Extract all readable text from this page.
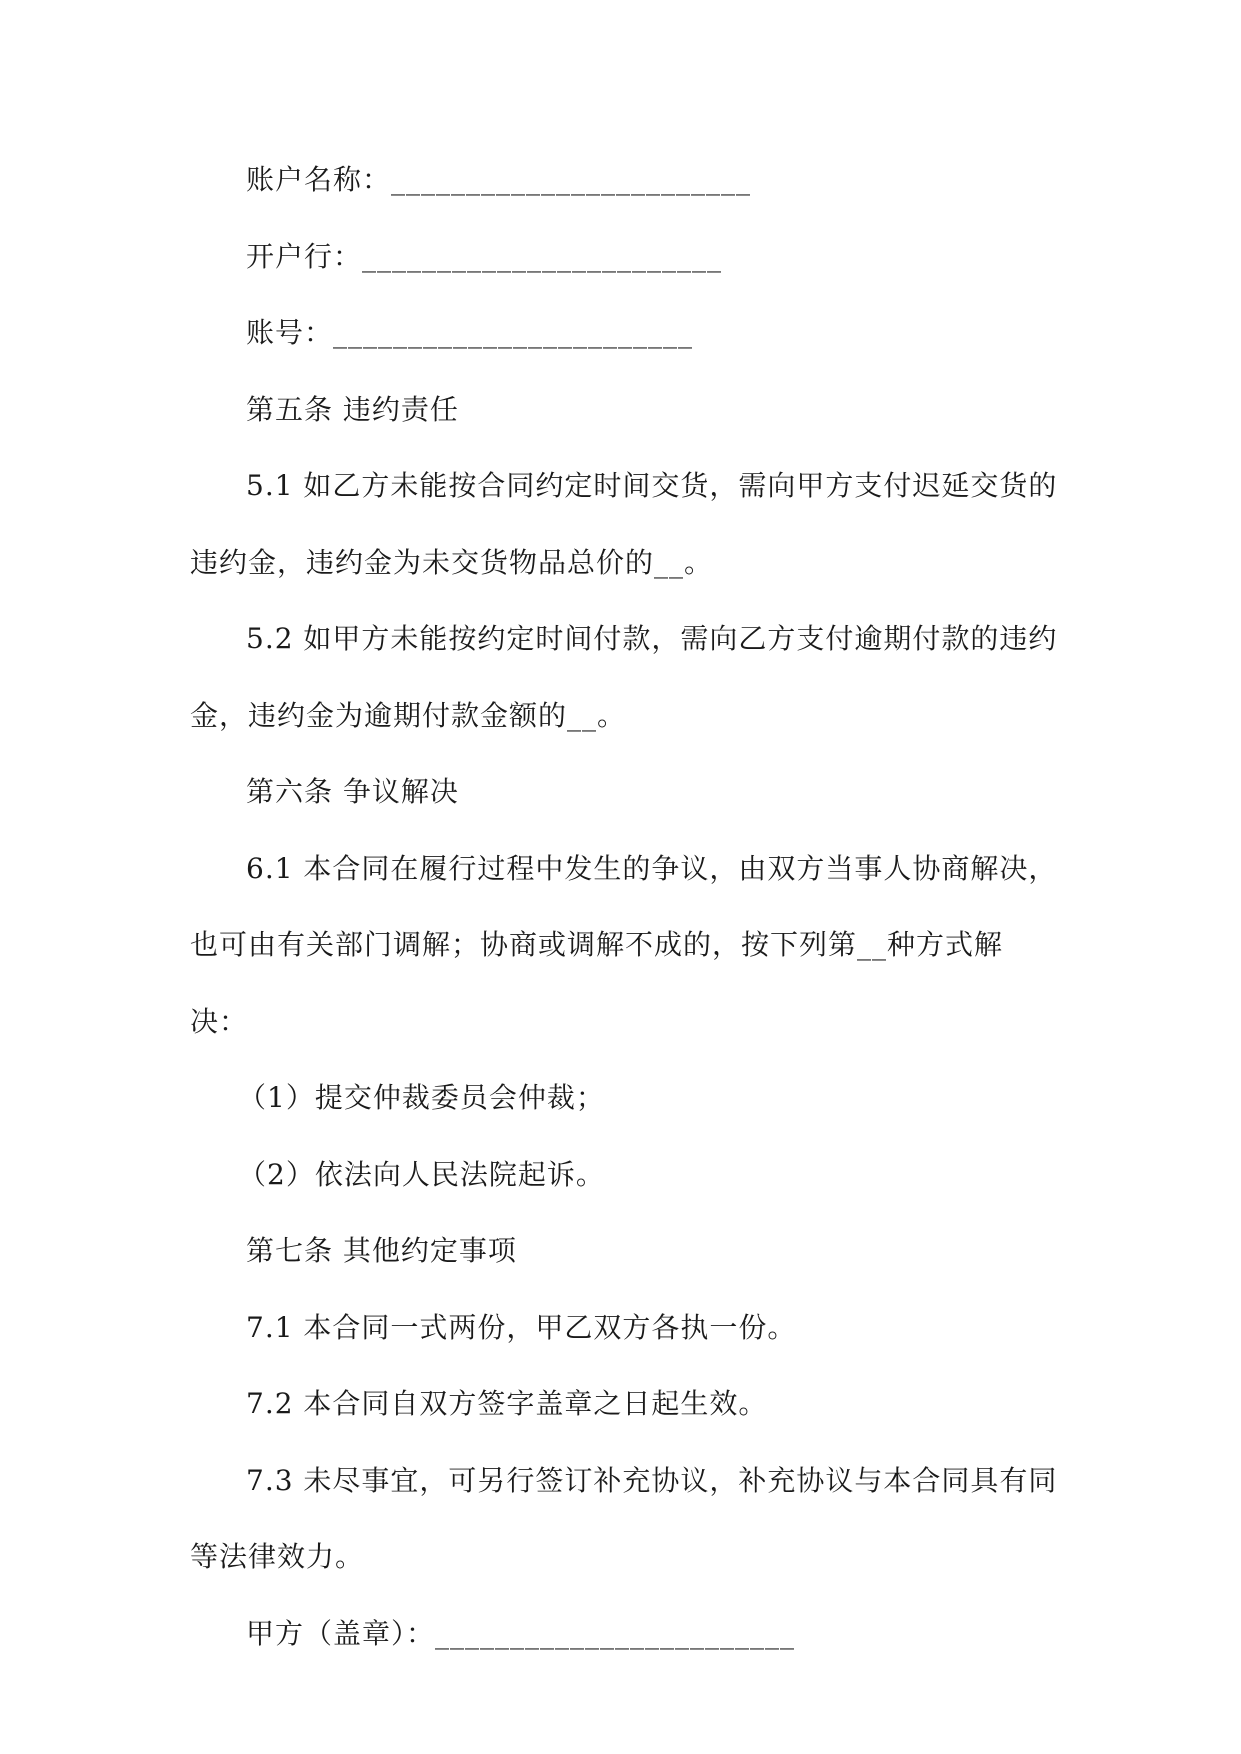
账户名称：________________________

开户行：________________________

账号：________________________

第五条 违约责任

5.1 如乙方未能按合同约定时间交货，需向甲方支付迟延交货的违约金，违约金为未交货物品总价的__。

5.2 如甲方未能按约定时间付款，需向乙方支付逾期付款的违约金，违约金为逾期付款金额的__。

第六条 争议解决

6.1 本合同在履行过程中发生的争议，由双方当事人协商解决，也可由有关部门调解；协商或调解不成的，按下列第__种方式解决：

（1）提交仲裁委员会仲裁；

（2）依法向人民法院起诉。

第七条 其他约定事项

7.1 本合同一式两份，甲乙双方各执一份。

7.2 本合同自双方签字盖章之日起生效。

7.3 未尽事宜，可另行签订补充协议，补充协议与本合同具有同等法律效力。

甲方（盖章）：________________________
